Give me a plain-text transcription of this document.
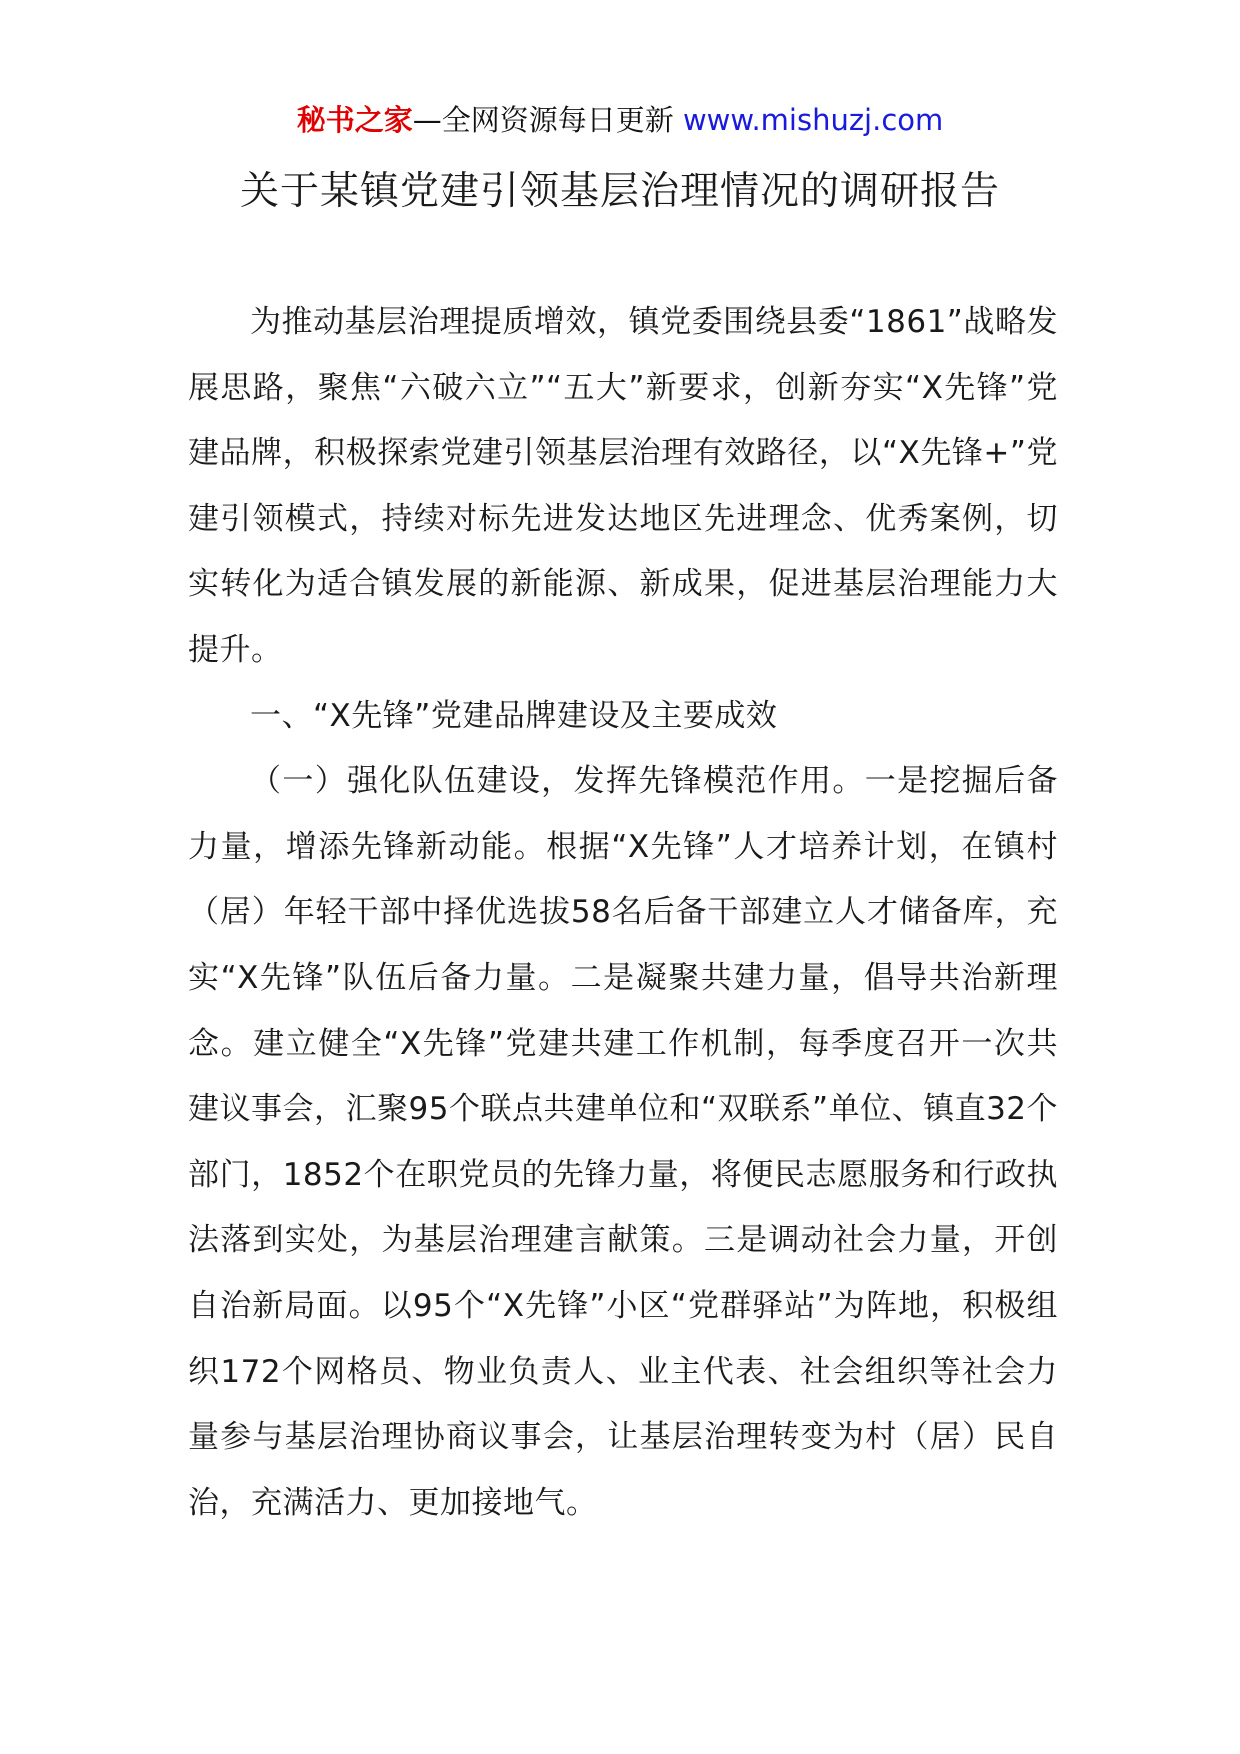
秘书之家—全网资源每日更新 www.mishuzj.com
关于某镇党建引领基层治理情况的调研报告

为推动基层治理提质增效，镇党委围绕县委“1861”战略发展思路，聚焦“六破六立”“五大”新要求，创新夯实“X先锋”党建品牌，积极探索党建引领基层治理有效路径，以“X先锋+”党建引领模式，持续对标先进发达地区先进理念、优秀案例，切实转化为适合镇发展的新能源、新成果，促进基层治理能力大提升。

一、“X先锋”党建品牌建设及主要成效

（一）强化队伍建设，发挥先锋模范作用。一是挖掘后备力量，增添先锋新动能。根据“X先锋”人才培养计划，在镇村（居）年轻干部中择优选拔58名后备干部建立人才储备库，充实“X先锋”队伍后备力量。二是凝聚共建力量，倡导共治新理念。建立健全“X先锋”党建共建工作机制，每季度召开一次共建议事会，汇聚95个联点共建单位和“双联系”单位、镇直32个部门，1852个在职党员的先锋力量，将便民志愿服务和行政执法落到实处，为基层治理建言献策。三是调动社会力量，开创自治新局面。以95个“X先锋”小区“党群驿站”为阵地，积极组织172个网格员、物业负责人、业主代表、社会组织等社会力量参与基层治理协商议事会，让基层治理转变为村（居）民自治，充满活力、更加接地气。
